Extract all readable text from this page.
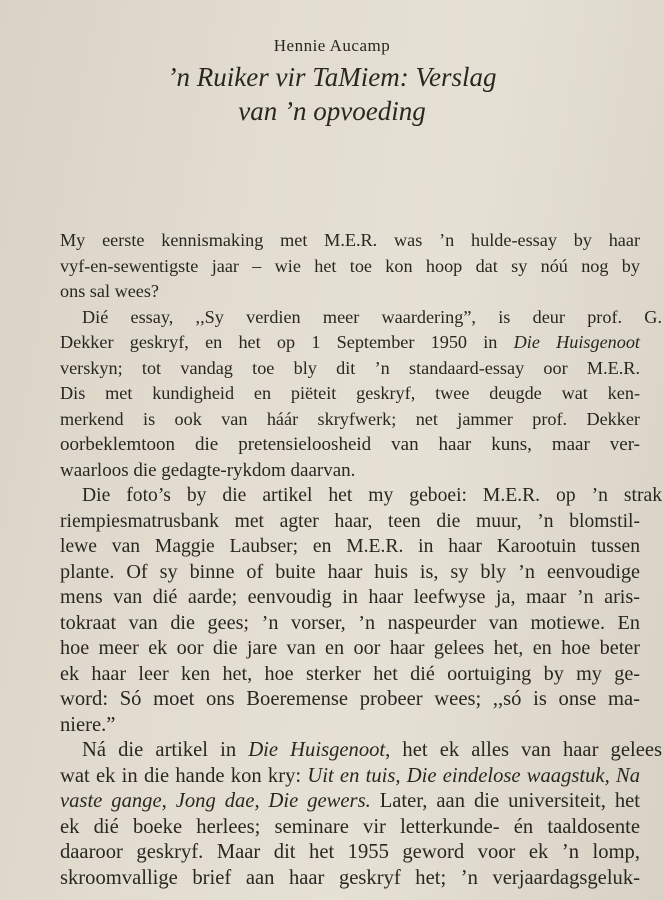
Hennie Aucamp
’n Ruiker vir TaMiem: Verslag
van ’n opvoeding
My eerste kennismaking met M.E.R. was ’n hulde-essay by haar
vyf-en-sewentigste jaar – wie het toe kon hoop dat sy nóú nog by
ons sal wees?
Dié essay, ,,Sy verdien meer waardering”, is deur prof. G.
Dekker geskryf, en het op 1 September 1950 in Die Huisgenoot
verskyn; tot vandag toe bly dit ’n standaard-essay oor M.E.R.
Dis met kundigheid en piëteit geskryf, twee deugde wat ken-
merkend is ook van háár skryfwerk; net jammer prof. Dekker
oorbeklemtoon die pretensieloosheid van haar kuns, maar ver-
waarloos die gedagte-rykdom daarvan.
Die foto’s by die artikel het my geboei: M.E.R. op ’n strak
riempiesmatrusbank met agter haar, teen die muur, ’n blomstil-
lewe van Maggie Laubser; en M.E.R. in haar Karootuin tussen
plante. Of sy binne of buite haar huis is, sy bly ’n eenvoudige
mens van dié aarde; eenvoudig in haar leefwyse ja, maar ’n aris-
tokraat van die gees; ’n vorser, ’n naspeurder van motiewe. En
hoe meer ek oor die jare van en oor haar gelees het, en hoe beter
ek haar leer ken het, hoe sterker het dié oortuiging by my ge-
word: Só moet ons Boeremense probeer wees; ,,só is onse ma-
niere.”
Ná die artikel in Die Huisgenoot, het ek alles van haar gelees
wat ek in die hande kon kry: Uit en tuis, Die eindelose waagstuk, Na
vaste gange, Jong dae, Die gewers. Later, aan die universiteit, het
ek dié boeke herlees; seminare vir letterkunde- én taaldosente
daaroor geskryf. Maar dit het 1955 geword voor ek ’n lomp,
skroomvallige brief aan haar geskryf het; ’n verjaardagsgeluk-
